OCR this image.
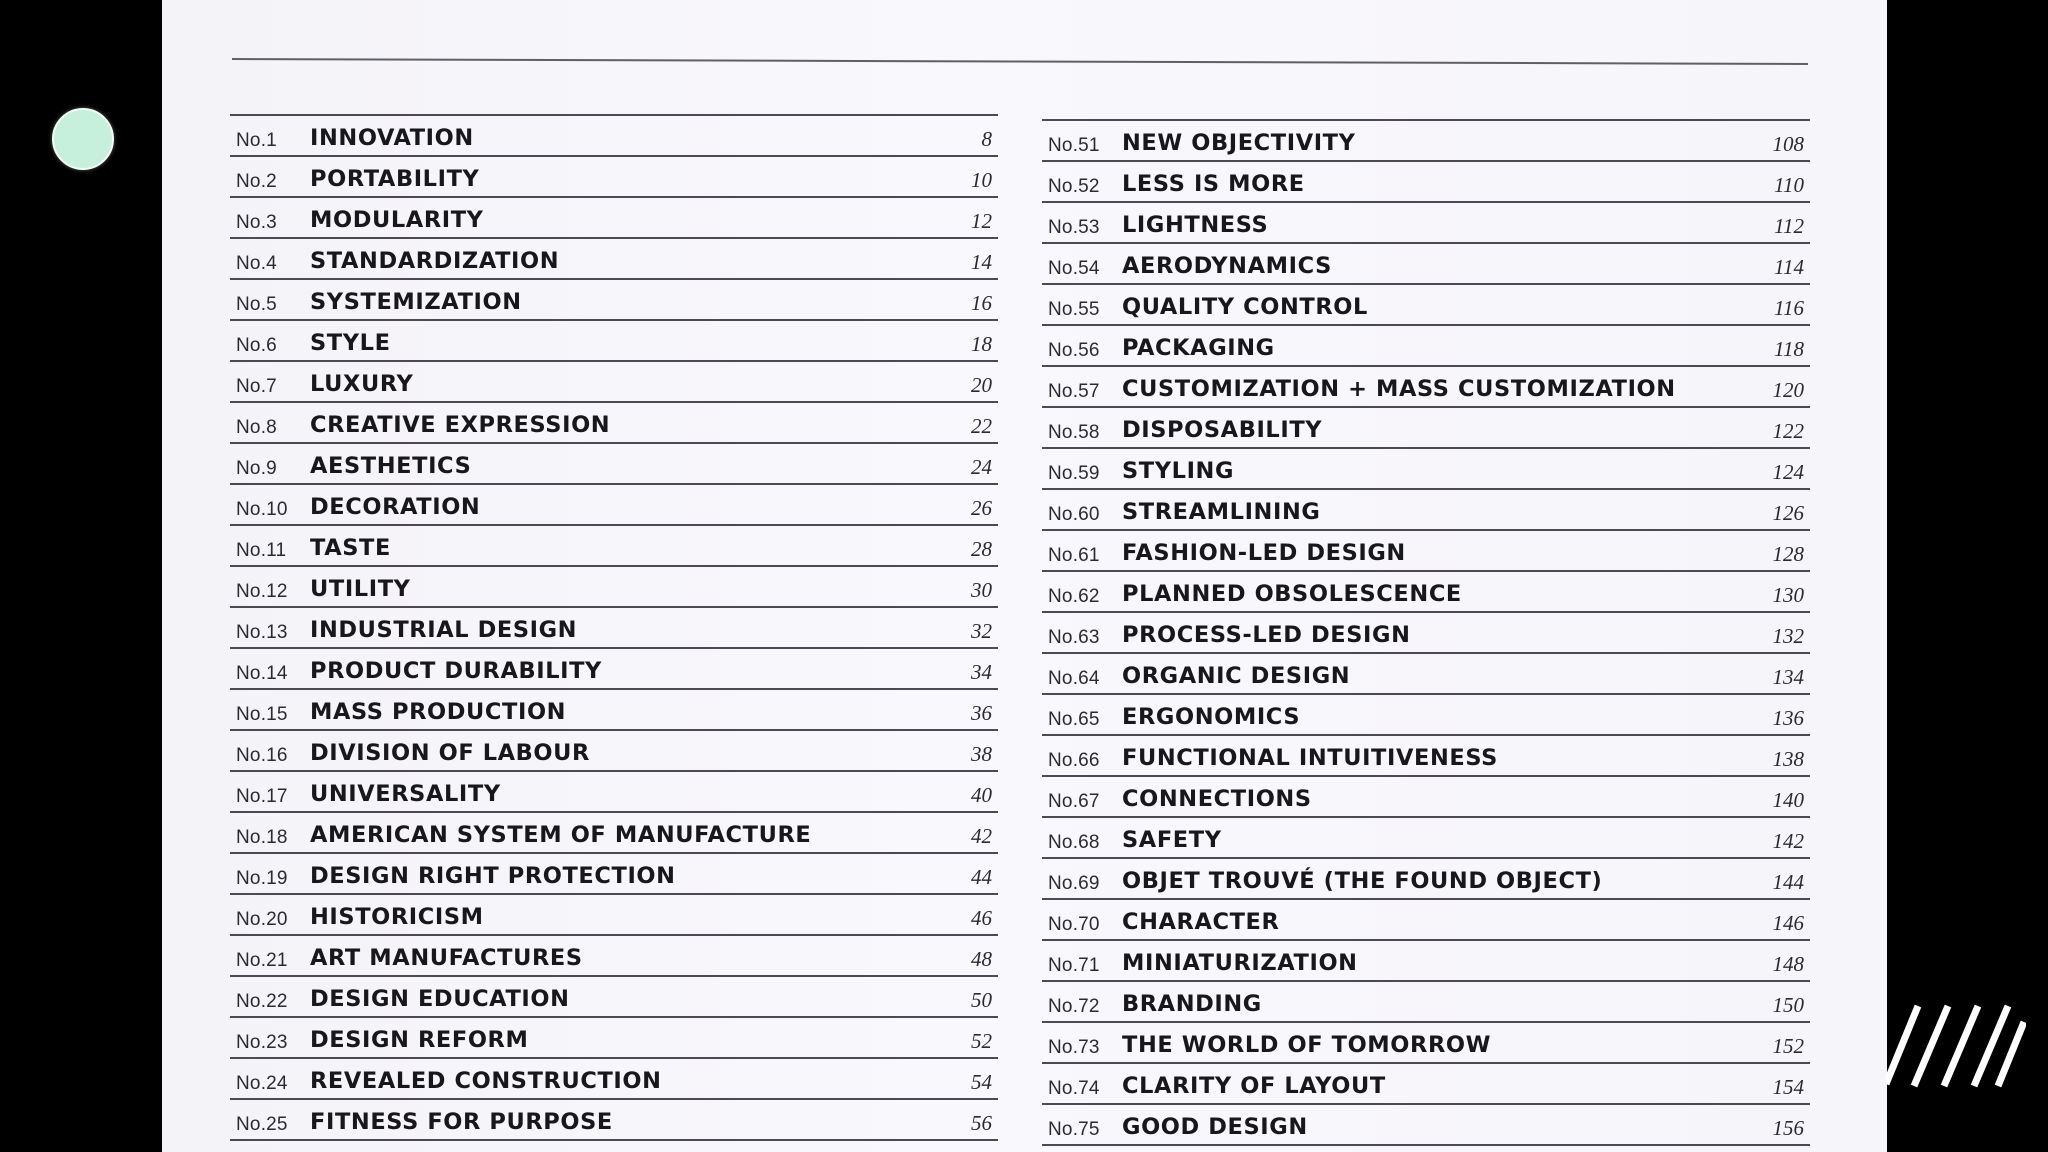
No.1 INNOVATION	8
No.2 PORTABILITY	10
No.3 MODULARITY	12
No.4 STANDARDIZATION	14
No.5 SYSTEMIZATION	16
No.6 STYLE	18
No.7 LUXURY	20
No.8 CREATIVE EXPRESSION	22
No.9 AESTHETICS	24
No.10 DECORATION	26
No.11 TASTE	28
No.12 UTILITY	30
No.13 INDUSTRIAL DESIGN	32
No.14 PRODUCT DURABILITY	34
No.15 MASS PRODUCTION	36
No.16 DIVISION OF LABOUR	38
No.17 UNIVERSALITY	40
No.18 AMERICAN SYSTEM OF MANUFACTURE	42
No.19 DESIGN RIGHT PROTECTION	44
No.20 HISTORICISM	46
No.21 ART MANUFACTURES	48
No.22 DESIGN EDUCATION	50
No.23 DESIGN REFORM	52
No.24 REVEALED CONSTRUCTION	54
No.25 FITNESS FOR PURPOSE	56
No.51 NEW OBJECTIVITY	108
No.52 LESS IS MORE	110
No.53 LIGHTNESS	112
No.54 AERODYNAMICS	114
No.55 QUALITY CONTROL	116
No.56 PACKAGING	118
No.57 CUSTOMIZATION + MASS CUSTOMIZATION	120
No.58 DISPOSABILITY	122
No.59 STYLING	124
No.60 STREAMLINING	126
No.61 FASHION-LED DESIGN	128
No.62 PLANNED OBSOLESCENCE	130
No.63 PROCESS-LED DESIGN	132
No.64 ORGANIC DESIGN	134
No.65 ERGONOMICS	136
No.66 FUNCTIONAL INTUITIVENESS	138
No.67 CONNECTIONS	140
No.68 SAFETY	142
No.69 OBJET TROUVÉ (THE FOUND OBJECT)	144
No.70 CHARACTER	146
No.71 MINIATURIZATION	148
No.72 BRANDING	150
No.73 THE WORLD OF TOMORROW	152
No.74 CLARITY OF LAYOUT	154
No.75 GOOD DESIGN	156
